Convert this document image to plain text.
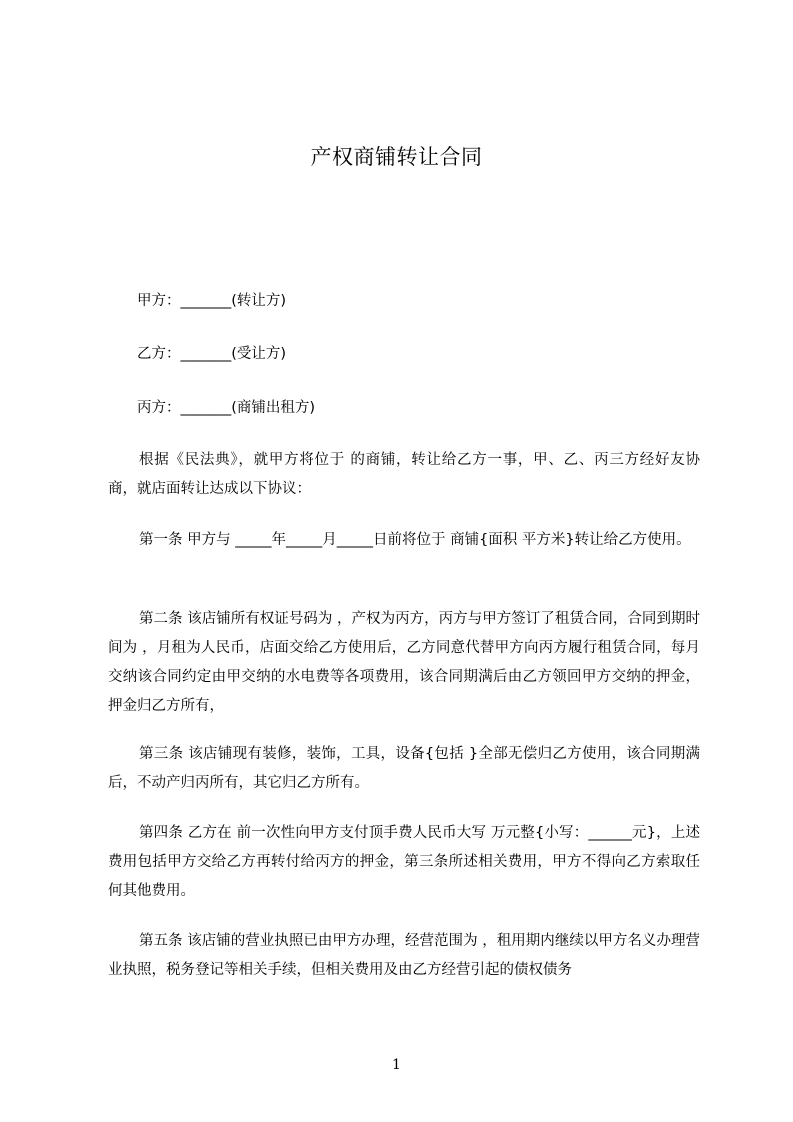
产权商铺转让合同
甲方：_______(转让方)
乙方：_______(受让方)
丙方：_______(商铺出租方)
根据《民法典》，就甲方将位于 的商铺，转让给乙方一事，甲、乙、丙三方经好友协商，就店面转让达成以下协议：
第一条 甲方与 _____年_____月_____日前将位于 商铺{面积 平方米}转让给乙方使用。
第二条 该店铺所有权证号码为 ，产权为丙方，丙方与甲方签订了租赁合同，合同到期时间为 ，月租为人民币，店面交给乙方使用后，乙方同意代替甲方向丙方履行租赁合同，每月交纳该合同约定由甲交纳的水电费等各项费用，该合同期满后由乙方领回甲方交纳的押金，押金归乙方所有，
第三条 该店铺现有装修，装饰，工具，设备{包括 }全部无偿归乙方使用，该合同期满后，不动产归丙所有，其它归乙方所有。
第四条 乙方在 前一次性向甲方支付顶手费人民币大写 万元整{小写：______元}，上述费用包括甲方交给乙方再转付给丙方的押金，第三条所述相关费用，甲方不得向乙方索取任何其他费用。
第五条 该店铺的营业执照已由甲方办理，经营范围为 ，租用期内继续以甲方名义办理营业执照，税务登记等相关手续，但相关费用及由乙方经营引起的债权债务
1
